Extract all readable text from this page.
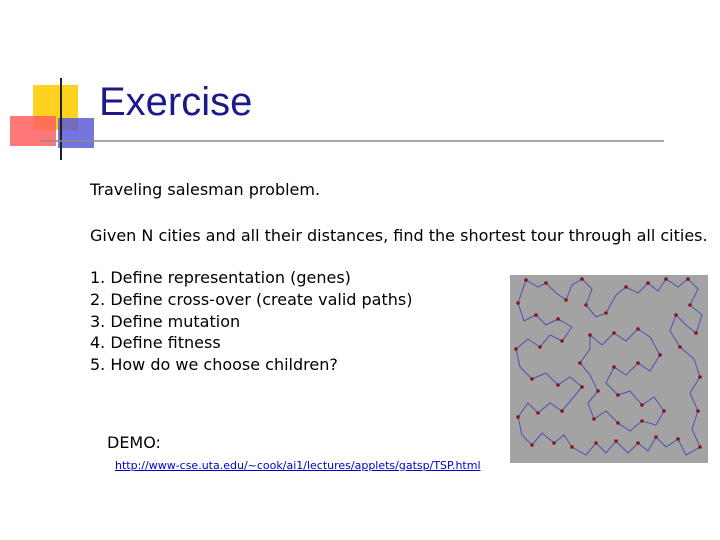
Exercise

Traveling salesman problem.

Given N cities and all their distances, find the shortest tour through all cities.

1. Define representation (genes)

2. Define cross-over (create valid paths)

3. Define mutation

4. Define fitness

5. How do we choose children?

DEMO:

http://www-cse.uta.edu/~cook/ai1/lectures/applets/gatsp/TSP.html
